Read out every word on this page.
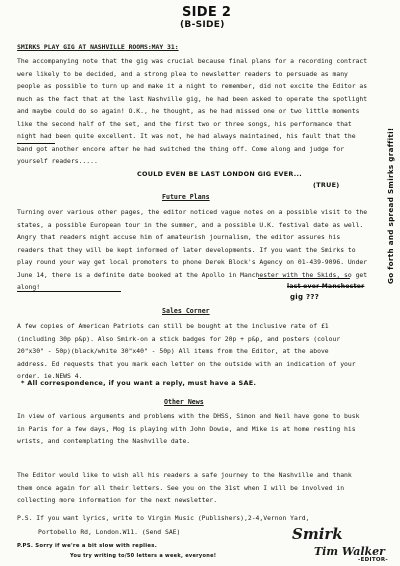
SIDE 2
(B-SIDE)
SMIRKS PLAY GIG AT NASHVILLE ROOMS:MAY 31:
The accompanying note that the gig was crucial because final plans for a recording contract were likely to be decided, and a strong plea to newsletter readers to persuade as many people as possible to turn up and make it a night to remember, did not excite the Editor as much as the fact that at the last Nashville gig, he had been asked to operate the spotlight and maybe could do so again! O.K., he thought, as he had missed one or two little moments like the second half of the set, and the first two or three songs, his performance that night had been quite excellent. It was not, he had always maintained, his fault that the band got another encore after he had switched the thing off. Come along and judge for yourself readers.....
COULD EVEN BE LAST LONDON GIG EVER...
(TRUE)
Future Plans
Turning over various other pages, the editor noticed vague notes on a possible visit to the states, a possible European tour in the summer, and a possible U.K. festival date as well. Angry that readers might accuse him of amateurish journalism, the editor assures his readers that they will be kept informed of later developments. If you want the Smirks to play round your way get local promoters to phone Derek Block's Agency on 01-439-9096. Under June 14, there is a definite date booked at the Apollo in Manchester with the Skids, so get along!	last ever Manchester
gig ???
Sales Corner
A few copies of American Patriots can still be bought at the inclusive rate of £1 (including 30p p&p). Also Smirk-on a stick badges for 20p + p&p, and posters (colour 20"x30" - 50p)(black/white 30"x40" - 50p) All items from the Editor, at the above address. Ed requests that you mark each letter on the outside with an indication of your order. ie.NEWS 4.
* All correspondence, if you want a reply, must have a SAE.
Other News
In view of various arguments and problems with the DHSS, Simon and Neil have gone to busk in Paris for a few days, Mog is playing with John Dowie, and Mike is at home resting his wrists, and contemplating the Nashville date.
The Editor would like to wish all his readers a safe journey to the Nashville and thank them once again for all their letters. See you on the 31st when I will be involved in collecting more information for the next newsletter.
P.S. If you want lyrics, write to Virgin Music (Publishers),2-4,Vernon Yard,
Portobello Rd, London.W11. (Send SAE)
P.PS. Sorry if we're a bit slow with replies.
You try writing to/50 letters a week, everyone!
Smirk
Tim Walker
-EDITOR-
Go forth and spread Smirks graffiti!
